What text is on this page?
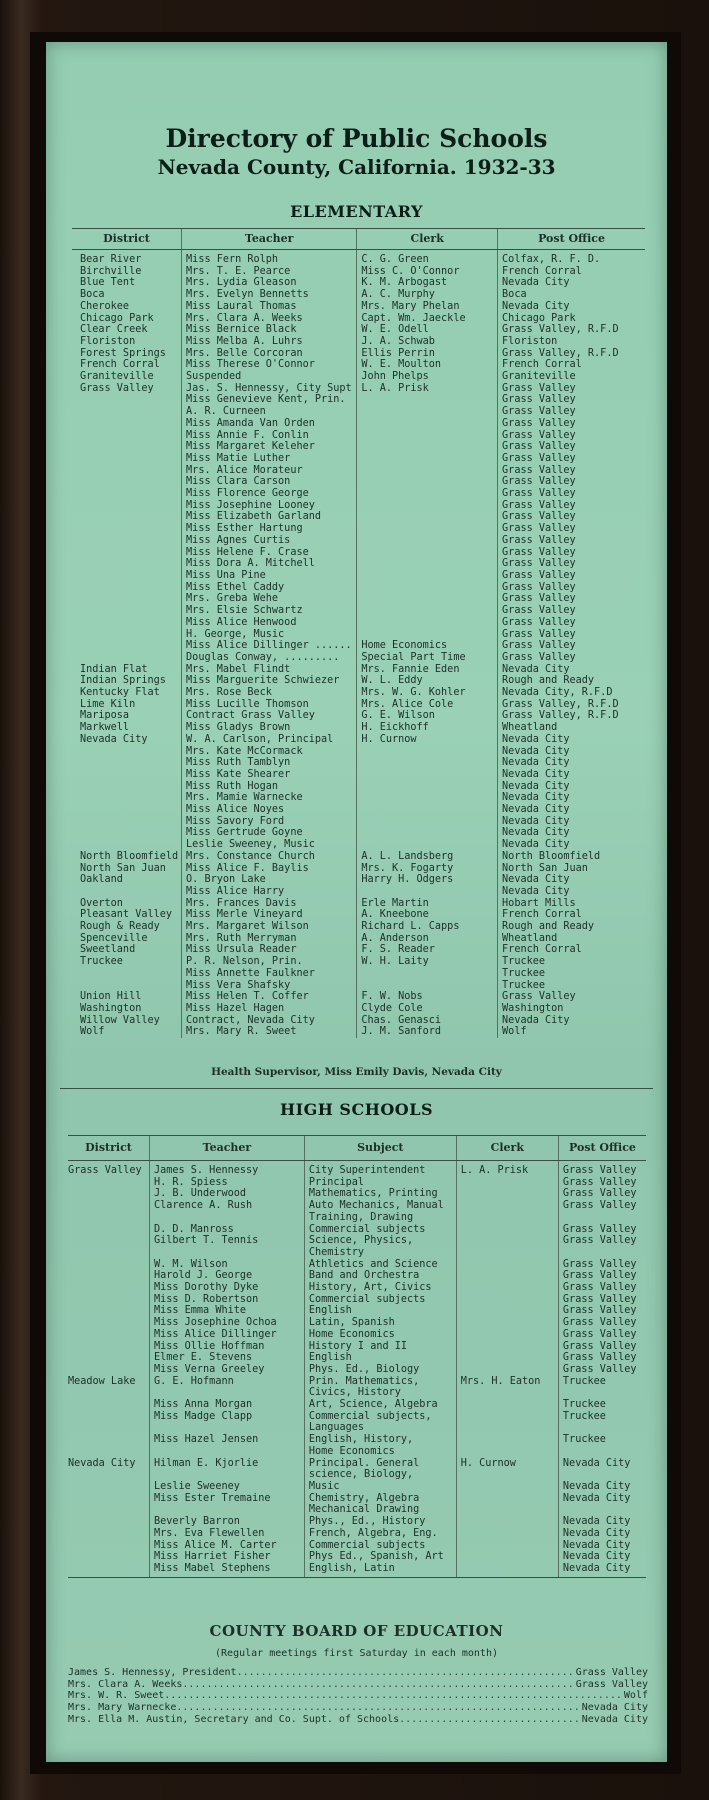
Directory of Public Schools
Nevada County, California. 1932-33
ELEMENTARY
District	Teacher	Clerk	Post Office
Bear River	Miss Fern Rolph	C. G. Green	Colfax, R. F. D.
Birchville	Mrs. T. E. Pearce	Miss C. O'Connor	French Corral
Blue Tent	Mrs. Lydia Gleason	K. M. Arbogast	Nevada City
Boca	Mrs. Evelyn Bennetts	A. C. Murphy	Boca
Cherokee	Miss Laural Thomas	Mrs. Mary Phelan	Nevada City
Chicago Park	Mrs. Clara A. Weeks	Capt. Wm. Jaeckle	Chicago Park
Clear Creek	Miss Bernice Black	W. E. Odell	Grass Valley, R.F.D
Floriston	Miss Melba A. Luhrs	J. A. Schwab	Floriston
Forest Springs	Mrs. Belle Corcoran	Ellis Perrin	Grass Valley, R.F.D
French Corral	Miss Therese O'Connor	W. E. Moulton	French Corral
Graniteville	Suspended	John Phelps	Graniteville
Grass Valley	Jas. S. Hennessy, City Supt	L. A. Prisk	Grass Valley
	Miss Genevieve Kent, Prin.		Grass Valley
	A. R. Curneen		Grass Valley
	Miss Amanda Van Orden		Grass Valley
	Miss Annie F. Conlin		Grass Valley
	Miss Margaret Keleher		Grass Valley
	Miss Matie Luther		Grass Valley
	Mrs. Alice Morateur		Grass Valley
	Miss Clara Carson		Grass Valley
	Miss Florence George		Grass Valley
	Miss Josephine Looney		Grass Valley
	Miss Elizabeth Garland		Grass Valley
	Miss Esther Hartung		Grass Valley
	Miss Agnes Curtis		Grass Valley
	Miss Helene F. Crase		Grass Valley
	Miss Dora A. Mitchell		Grass Valley
	Miss Una Pine		Grass Valley
	Miss Ethel Caddy		Grass Valley
	Mrs. Greba Wehe		Grass Valley
	Mrs. Elsie Schwartz		Grass Valley
	Miss Alice Henwood		Grass Valley
	H. George, Music		Grass Valley
	Miss Alice Dillinger ......	Home Economics	Grass Valley
	Douglas Conway, .........	Special Part Time	Grass Valley
Indian Flat	Mrs. Mabel Flindt	Mrs. Fannie Eden	Nevada City
Indian Springs	Miss Marguerite Schwiezer	W. L. Eddy	Rough and Ready
Kentucky Flat	Mrs. Rose Beck	Mrs. W. G. Kohler	Nevada City, R.F.D
Lime Kiln	Miss Lucille Thomson	Mrs. Alice Cole	Grass Valley, R.F.D
Mariposa	Contract Grass Valley	G. E. Wilson	Grass Valley, R.F.D
Markwell	Miss Gladys Brown	H. Eickhoff	Wheatland
Nevada City	W. A. Carlson, Principal	H. Curnow	Nevada City
	Mrs. Kate McCormack		Nevada City
	Miss Ruth Tamblyn		Nevada City
	Miss Kate Shearer		Nevada City
	Miss Ruth Hogan		Nevada City
	Mrs. Mamie Warnecke		Nevada City
	Miss Alice Noyes		Nevada City
	Miss Savory Ford		Nevada City
	Miss Gertrude Goyne		Nevada City
	Leslie Sweeney, Music		Nevada City
North Bloomfield	Mrs. Constance Church	A. L. Landsberg	North Bloomfield
North San Juan	Miss Alice F. Baylis	Mrs. K. Fogarty	North San Juan
Oakland	O. Bryon Lake	Harry H. Odgers	Nevada City
	Miss Alice Harry		Nevada City
Overton	Mrs. Frances Davis	Erle Martin	Hobart Mills
Pleasant Valley	Miss Merle Vineyard	A. Kneebone	French Corral
Rough & Ready	Mrs. Margaret Wilson	Richard L. Capps	Rough and Ready
Spenceville	Mrs. Ruth Merryman	A. Anderson	Wheatland
Sweetland	Miss Ursula Reader	F. S. Reader	French Corral
Truckee	P. R. Nelson, Prin.	W. H. Laity	Truckee
	Miss Annette Faulkner		Truckee
	Miss Vera Shafsky		Truckee
Union Hill	Miss Helen T. Coffer	F. W. Nobs	Grass Valley
Washington	Miss Hazel Hagen	Clyde Cole	Washington
Willow Valley	Contract, Nevada City	Chas. Genasci	Nevada City
Wolf	Mrs. Mary R. Sweet	J. M. Sanford	Wolf
Health Supervisor, Miss Emily Davis, Nevada City
HIGH SCHOOLS
District	Teacher	Subject	Clerk	Post Office
Grass Valley	James S. Hennessy	City Superintendent	L. A. Prisk	Grass Valley
	H. R. Spiess	Principal		Grass Valley
	J. B. Underwood	Mathematics, Printing		Grass Valley
	Clarence A. Rush	Auto Mechanics, Manual		Grass Valley
		Training, Drawing		
	D. D. Manross	Commercial subjects		Grass Valley
	Gilbert T. Tennis	Science, Physics,		Grass Valley
		Chemistry		
	W. M. Wilson	Athletics and Science		Grass Valley
	Harold J. George	Band and Orchestra		Grass Valley
	Miss Dorothy Dyke	History, Art, Civics		Grass Valley
	Miss D. Robertson	Commercial subjects		Grass Valley
	Miss Emma White	English		Grass Valley
	Miss Josephine Ochoa	Latin, Spanish		Grass Valley
	Miss Alice Dillinger	Home Economics		Grass Valley
	Miss Ollie Hoffman	History I and II		Grass Valley
	Elmer E. Stevens	English		Grass Valley
	Miss Verna Greeley	Phys. Ed., Biology		Grass Valley
Meadow Lake	G. E. Hofmann	Prin. Mathematics,	Mrs. H. Eaton	Truckee
		Civics, History		
	Miss Anna Morgan	Art, Science, Algebra		Truckee
	Miss Madge Clapp	Commercial subjects,		Truckee
		Languages		
	Miss Hazel Jensen	English, History,		Truckee
		Home Economics		
Nevada City	Hilman E. Kjorlie	Principal. General	H. Curnow	Nevada City
		science, Biology,		
	Leslie Sweeney	Music		Nevada City
	Miss Ester Tremaine	Chemistry, Algebra		Nevada City
		Mechanical Drawing		
	Beverly Barron	Phys., Ed., History		Nevada City
	Mrs. Eva Flewellen	French, Algebra, Eng.		Nevada City
	Miss Alice M. Carter	Commercial subjects		Nevada City
	Miss Harriet Fisher	Phys Ed., Spanish, Art		Nevada City
	Miss Mabel Stephens	English, Latin		Nevada City
COUNTY BOARD OF EDUCATION
(Regular meetings first Saturday in each month)
James S. Hennessy, President .....	Grass Valley
Mrs. Clara A. Weeks .....	Grass Valley
Mrs. W. R. Sweet .....	Wolf
Mrs. Mary Warnecke .....	Nevada City
Mrs. Ella M. Austin, Secretary and Co. Supt. of Schools .....	Nevada City
